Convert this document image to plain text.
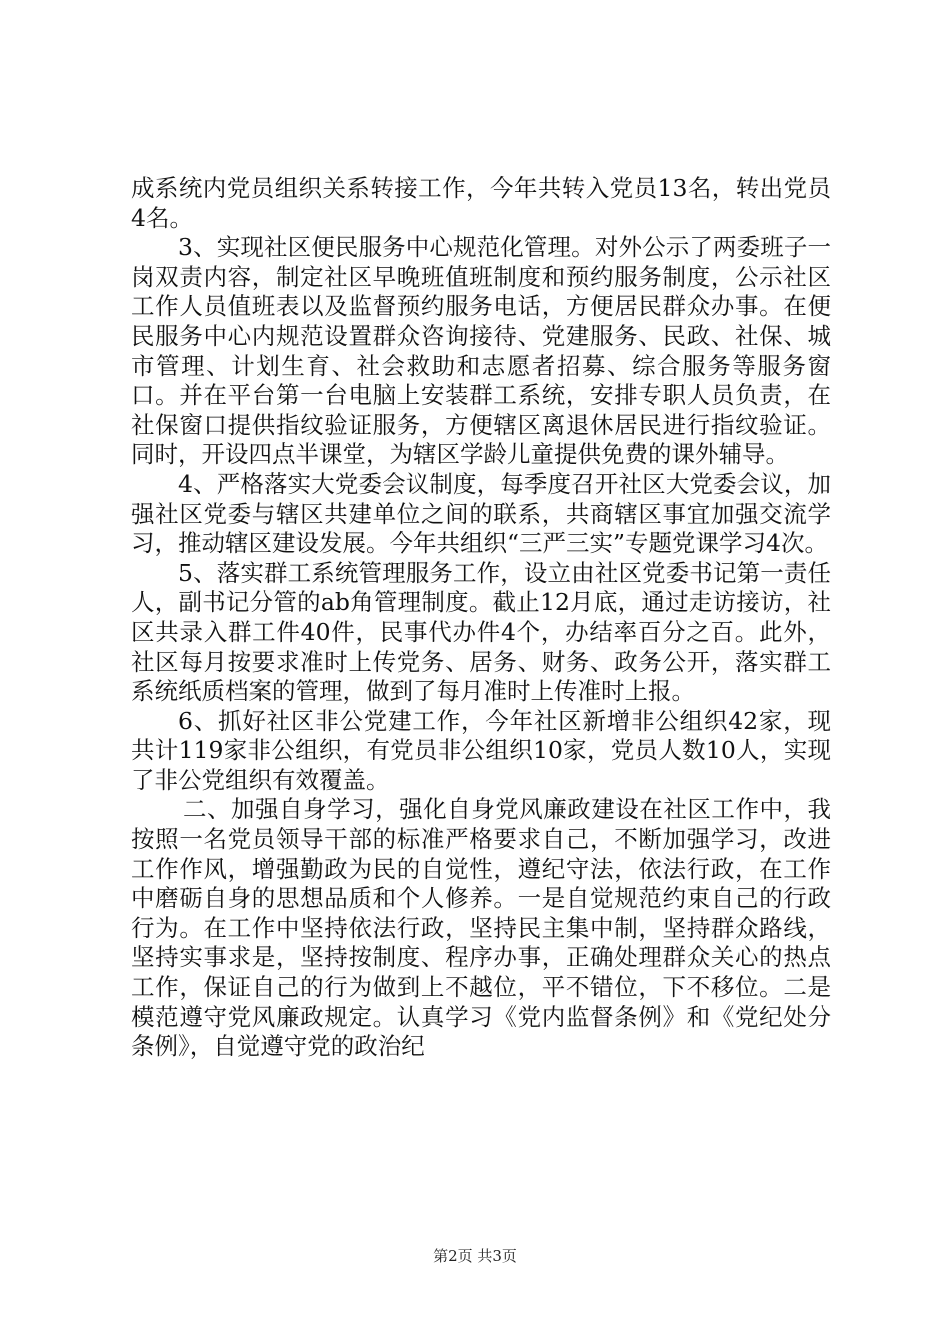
成系统内党员组织关系转接工作，今年共转入党员13名，转出党员4名。

3、实现社区便民服务中心规范化管理。对外公示了两委班子一岗双责内容，制定社区早晚班值班制度和预约服务制度，公示社区工作人员值班表以及监督预约服务电话，方便居民群众办事。在便民服务中心内规范设置群众咨询接待、党建服务、民政、社保、城市管理、计划生育、社会救助和志愿者招募、综合服务等服务窗口。并在平台第一台电脑上安装群工系统，安排专职人员负责，在社保窗口提供指纹验证服务，方便辖区离退休居民进行指纹验证。同时，开设四点半课堂，为辖区学龄儿童提供免费的课外辅导。

4、严格落实大党委会议制度，每季度召开社区大党委会议，加强社区党委与辖区共建单位之间的联系，共商辖区事宜加强交流学习，推动辖区建设发展。今年共组织“三严三实”专题党课学习4次。

5、落实群工系统管理服务工作，设立由社区党委书记第一责任人，副书记分管的ab角管理制度。截止12月底，通过走访接访，社区共录入群工件40件，民事代办件4个，办结率百分之百。此外，社区每月按要求准时上传党务、居务、财务、政务公开，落实群工系统纸质档案的管理，做到了每月准时上传准时上报。

6、抓好社区非公党建工作，今年社区新增非公组织42家，现共计119家非公组织，有党员非公组织10家，党员人数10人，实现了非公党组织有效覆盖。

二、加强自身学习，强化自身党风廉政建设在社区工作中，我按照一名党员领导干部的标准严格要求自己，不断加强学习，改进工作作风，增强勤政为民的自觉性，遵纪守法，依法行政，在工作中磨砺自身的思想品质和个人修养。一是自觉规范约束自己的行政行为。在工作中坚持依法行政，坚持民主集中制，坚持群众路线，坚持实事求是，坚持按制度、程序办事，正确处理群众关心的热点工作，保证自己的行为做到上不越位，平不错位，下不移位。二是模范遵守党风廉政规定。认真学习《党内监督条例》和《党纪处分条例》，自觉遵守党的政治纪

第2页 共3页
